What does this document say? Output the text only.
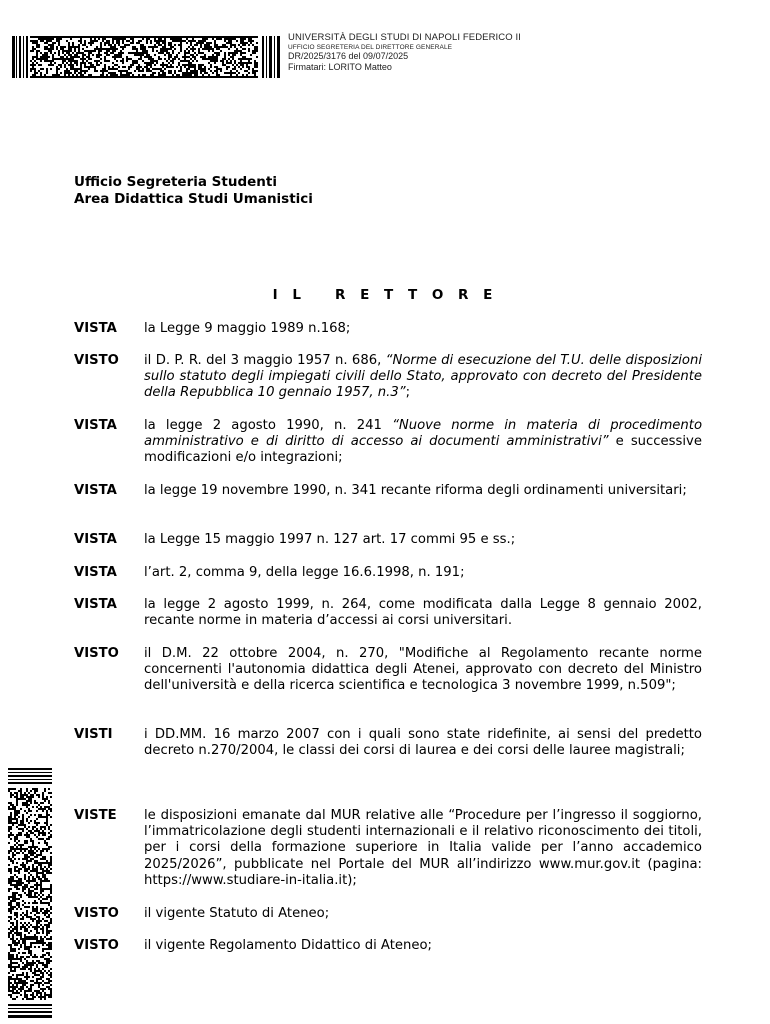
UNIVERSITÀ DEGLI STUDI DI NAPOLI FEDERICO II
UFFICIO SEGRETERIA DEL DIRETTORE GENERALE
DR/2025/3176 del 09/07/2025
Firmatari: LORITO Matteo
Ufficio Segreteria Studenti
Area Didattica Studi Umanistici
I L   R E T T O R E
VISTA	la Legge 9 maggio 1989 n.168;
VISTO	il D. P. R. del 3 maggio 1957 n. 686, “Norme di esecuzione del T.U. delle disposizioni sullo statuto degli impiegati civili dello Stato, approvato con decreto del Presidente della Repubblica 10 gennaio 1957, n.3”;
VISTA	la legge 2 agosto 1990, n. 241 “Nuove norme in materia di procedimento amministrativo e di diritto di accesso ai documenti amministrativi” e successive modificazioni e/o integrazioni;
VISTA	la legge 19 novembre 1990, n. 341 recante riforma degli ordinamenti universitari;
VISTA	la Legge 15 maggio 1997 n. 127 art. 17 commi 95 e ss.;
VISTA	l’art. 2, comma 9, della legge 16.6.1998, n. 191;
VISTA	la legge 2 agosto 1999, n. 264, come modificata dalla Legge 8 gennaio 2002, recante norme in materia d’accessi ai corsi universitari.
VISTO	il D.M. 22 ottobre 2004, n. 270, "Modifiche al Regolamento recante norme concernenti l'autonomia didattica degli Atenei, approvato con decreto del Ministro dell'università e della ricerca scientifica e tecnologica 3 novembre 1999, n.509";
VISTI	i DD.MM. 16 marzo 2007 con i quali sono state ridefinite, ai sensi del predetto decreto n.270/2004, le classi dei corsi di laurea e dei corsi delle lauree magistrali;
VISTE	le disposizioni emanate dal MUR relative alle “Procedure per l’ingresso il soggiorno, l’immatricolazione degli studenti internazionali e il relativo riconoscimento dei titoli, per i corsi della formazione superiore in Italia valide per l’anno accademico 2025/2026”, pubblicate nel Portale del MUR all’indirizzo www.mur.gov.it (pagina: https://www.studiare-in-italia.it);
VISTO	il vigente Statuto di Ateneo;
VISTO	il vigente Regolamento Didattico di Ateneo;
